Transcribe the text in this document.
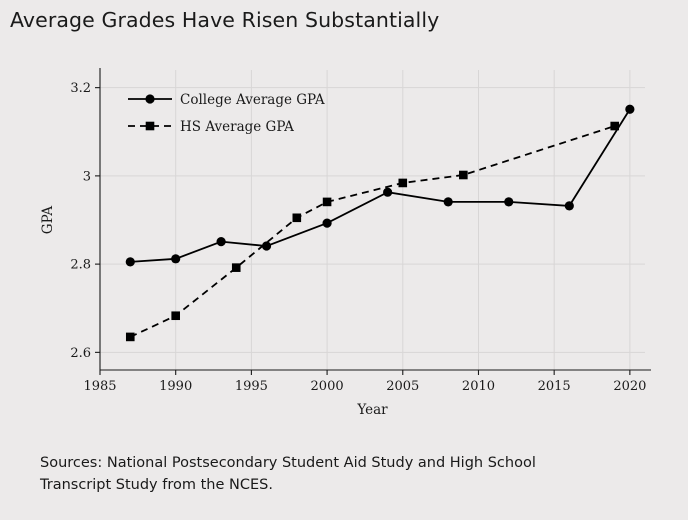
Average Grades Have Risen Substantially
2.6
2.8
3
3.2
1985	1990	1995	2000	2005	2010	2015	2020
Year
GPA
College Average GPA
HS Average GPA
Sources: National Postsecondary Student Aid Study and High School
Transcript Study from the NCES.
